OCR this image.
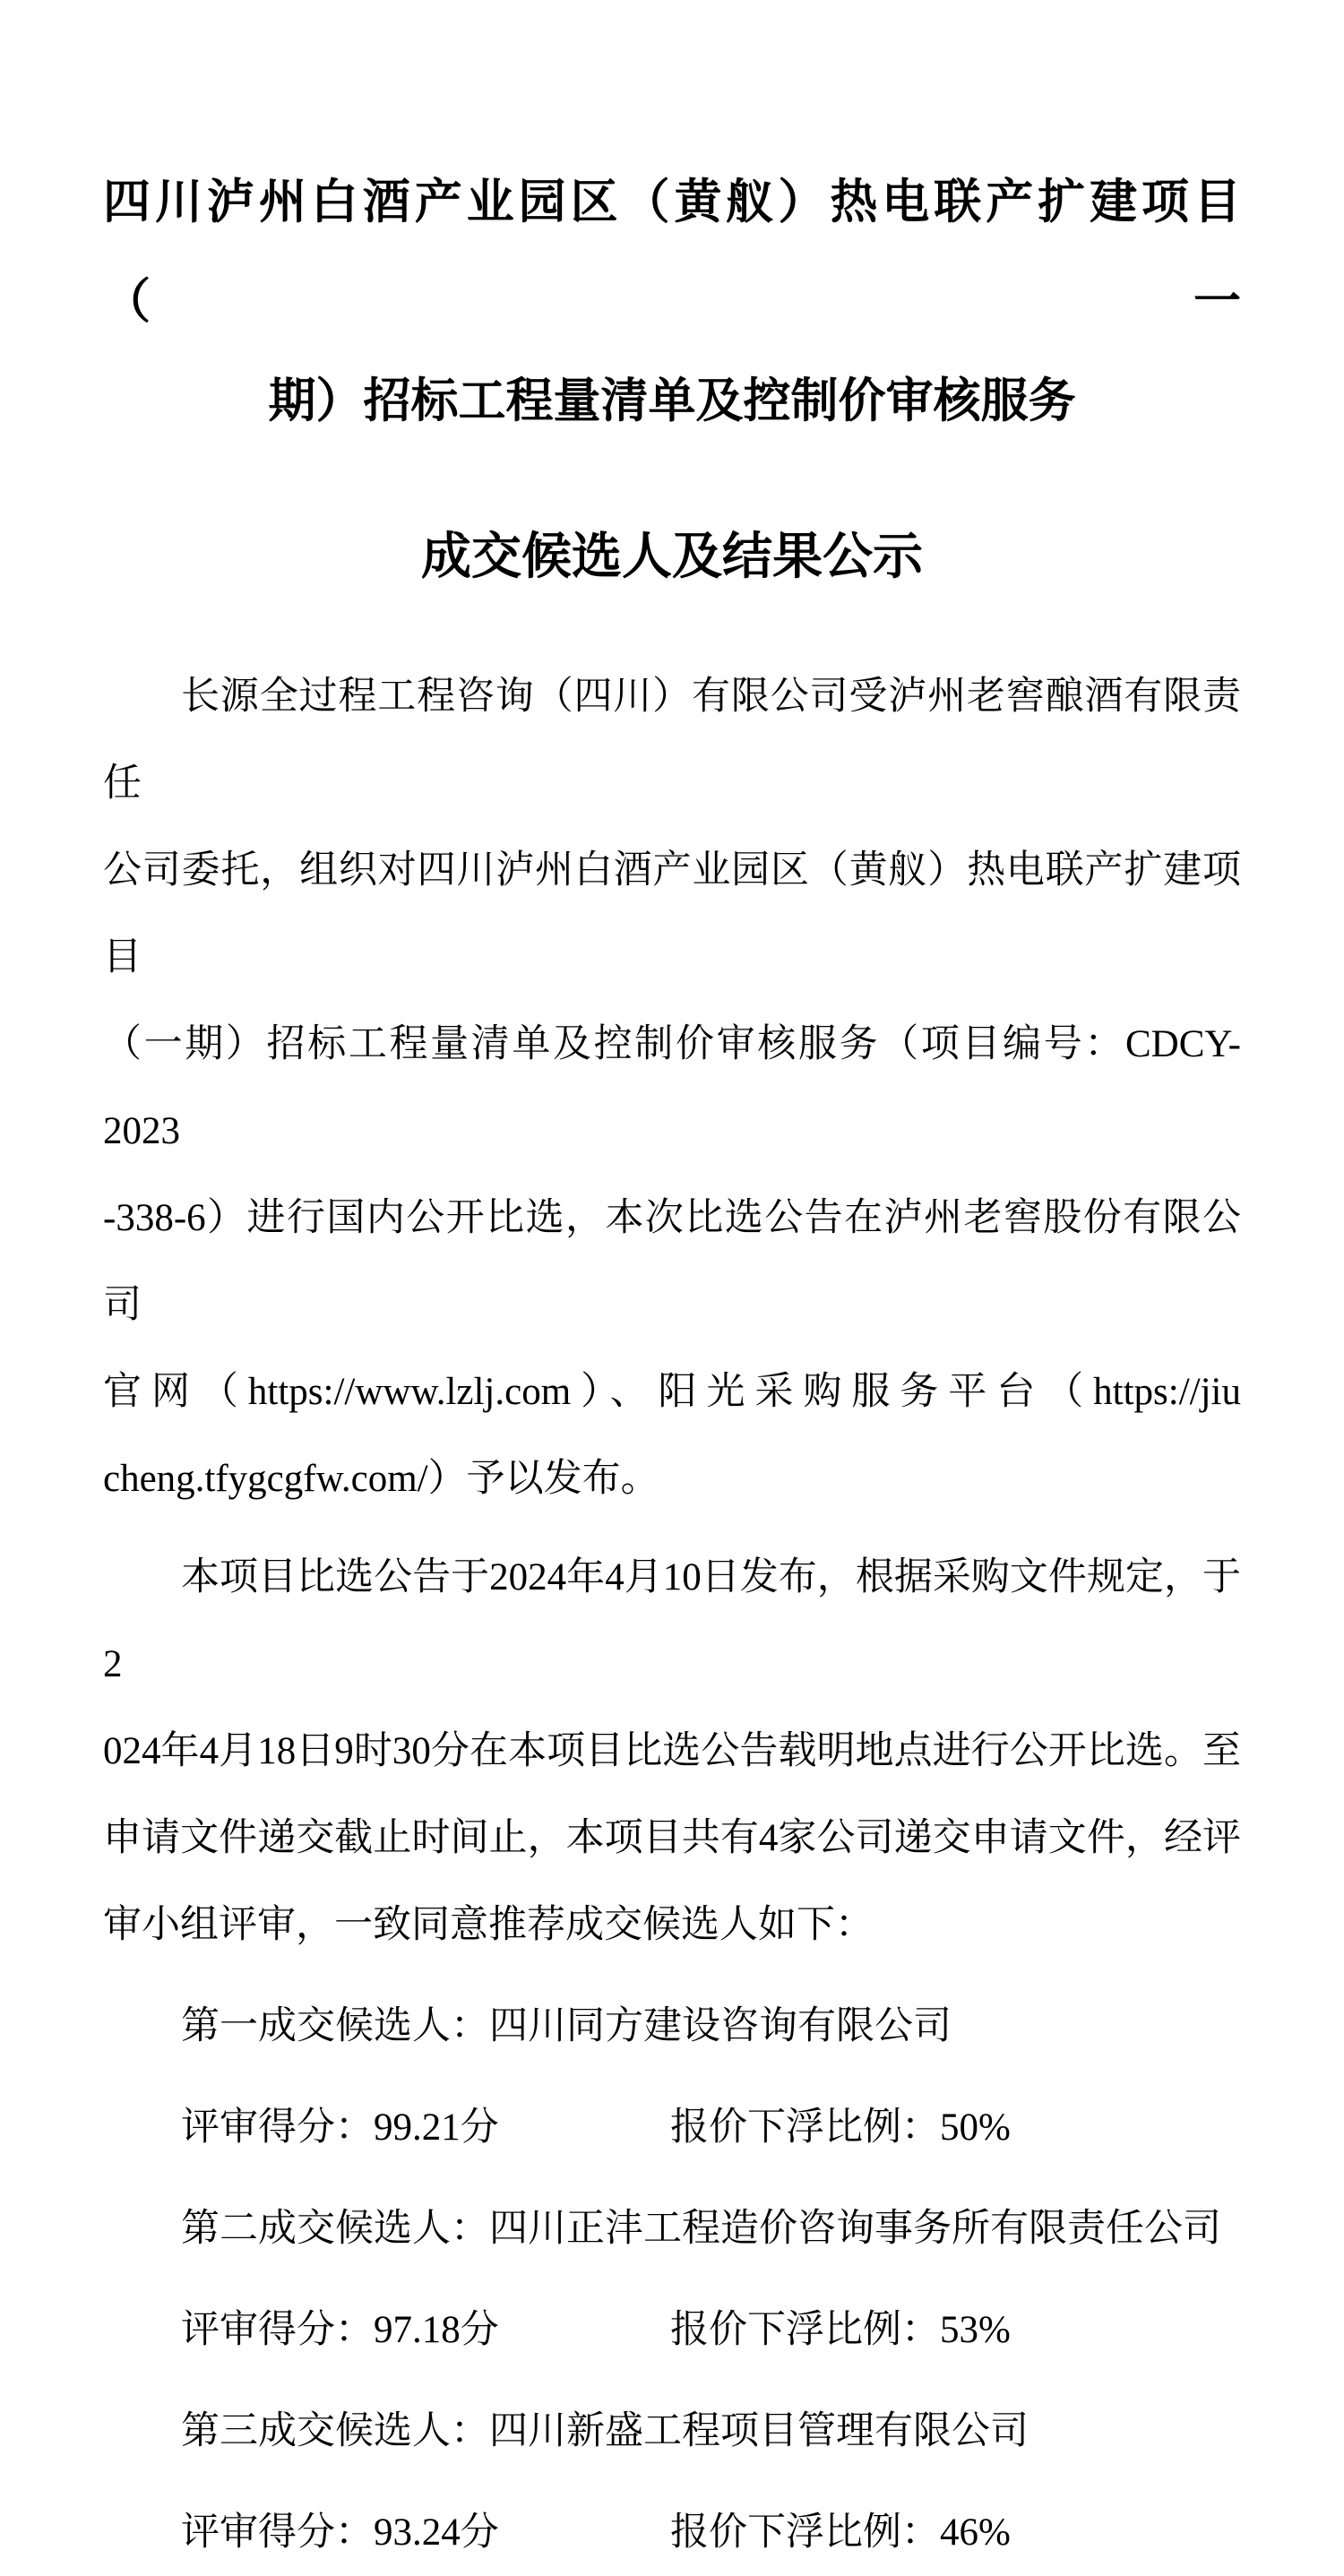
四川泸州白酒产业园区（黄舣）热电联产扩建项目（一
期）招标工程量清单及控制价审核服务
成交候选人及结果公示
长源全过程工程咨询（四川）有限公司受泸州老窖酿酒有限责任
公司委托，组织对四川泸州白酒产业园区（黄舣）热电联产扩建项目
（一期）招标工程量清单及控制价审核服务（项目编号：CDCY-2023
-338-6）进行国内公开比选，本次比选公告在泸州老窖股份有限公司
官网（https://www.lzlj.com）、阳光采购服务平台（https://jiu
cheng.tfygcgfw.com/）予以发布。
本项目比选公告于2024年4月10日发布，根据采购文件规定，于2
024年4月18日9时30分在本项目比选公告载明地点进行公开比选。至
申请文件递交截止时间止，本项目共有4家公司递交申请文件，经评
审小组评审，一致同意推荐成交候选人如下：
第一成交候选人：四川同方建设咨询有限公司
评审得分：99.21分	报价下浮比例：50%
第二成交候选人：四川正沣工程造价咨询事务所有限责任公司
评审得分：97.18分	报价下浮比例：53%
第三成交候选人：四川新盛工程项目管理有限公司
评审得分：93.24分	报价下浮比例：46%
